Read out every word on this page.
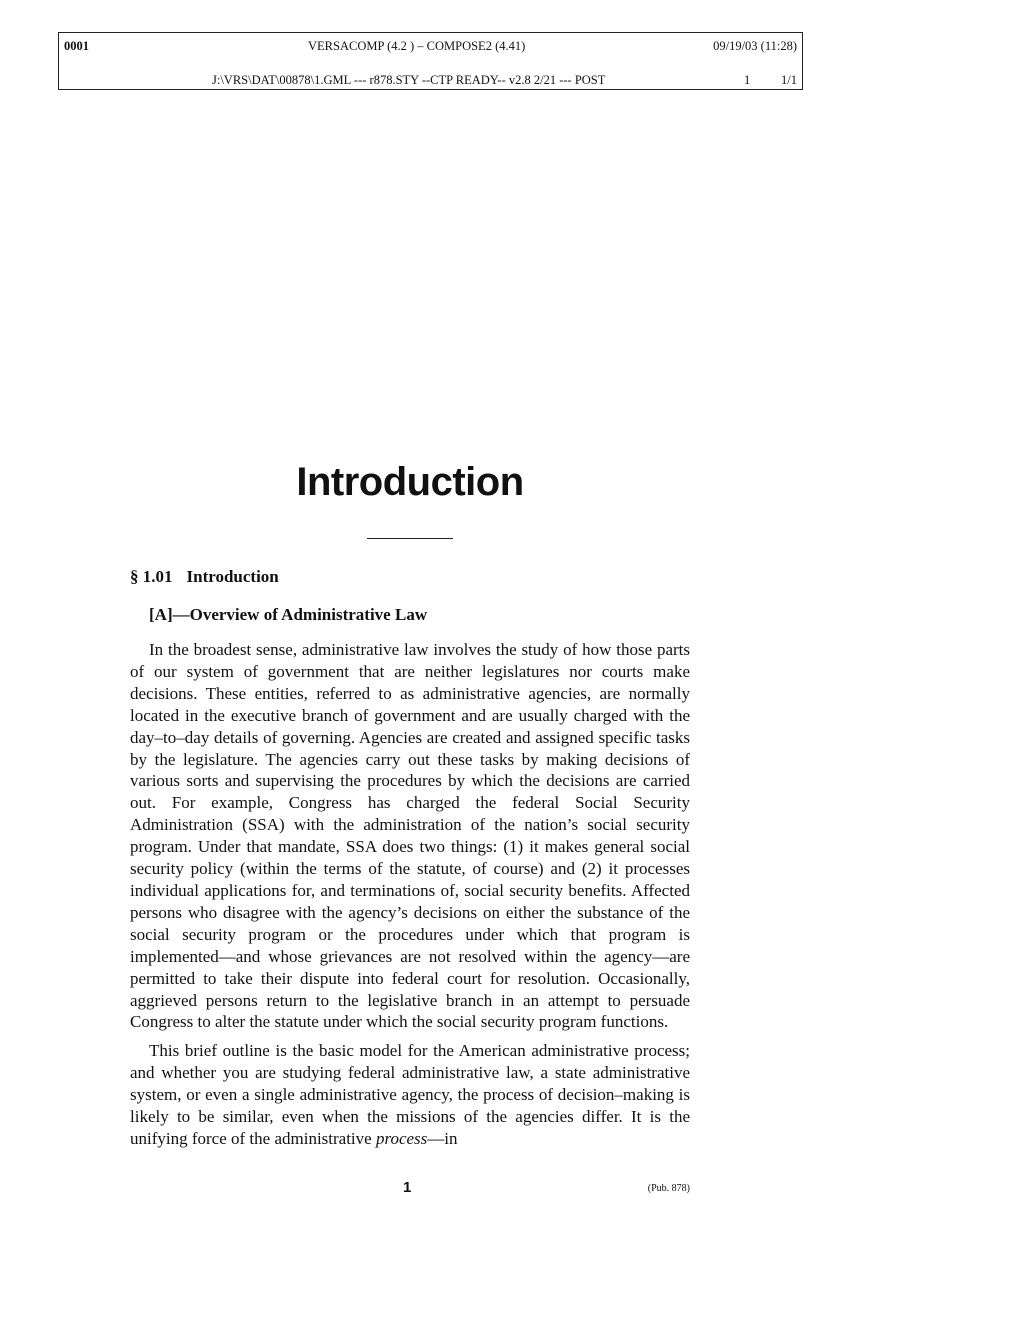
0001	VERSACOMP (4.2 ) – COMPOSE2 (4.41)	09/19/03 (11:28)
J:\VRS\DAT\00878\1.GML --- r878.STY --CTP READY-- v2.8 2/21 --- POST	1 1/1
Introduction
§ 1.01 Introduction
[A]—Overview of Administrative Law

In the broadest sense, administrative law involves the study of how those parts of our system of government that are neither legislatures nor courts make decisions. These entities, referred to as administrative agencies, are normally located in the executive branch of government and are usually charged with the day–to–day details of governing. Agencies are created and assigned specific tasks by the legislature. The agencies carry out these tasks by making decisions of various sorts and supervising the procedures by which the decisions are carried out. For example, Congress has charged the federal Social Security Administration (SSA) with the administration of the nation’s social security program. Under that mandate, SSA does two things: (1) it makes general social security policy (within the terms of the statute, of course) and (2) it processes individual applications for, and terminations of, social security benefits. Affected persons who disagree with the agency’s decisions on either the substance of the social security program or the procedures under which that program is implemented—and whose grievances are not resolved within the agency—are permitted to take their dispute into federal court for resolution. Occasionally, aggrieved persons return to the legislative branch in an attempt to persuade Congress to alter the statute under which the social security program functions.

This brief outline is the basic model for the American administrative process; and whether you are studying federal administrative law, a state administrative system, or even a single administrative agency, the process of decision–making is likely to be similar, even when the missions of the agencies differ. It is the unifying force of the administrative process—in

1	(Pub. 878)
